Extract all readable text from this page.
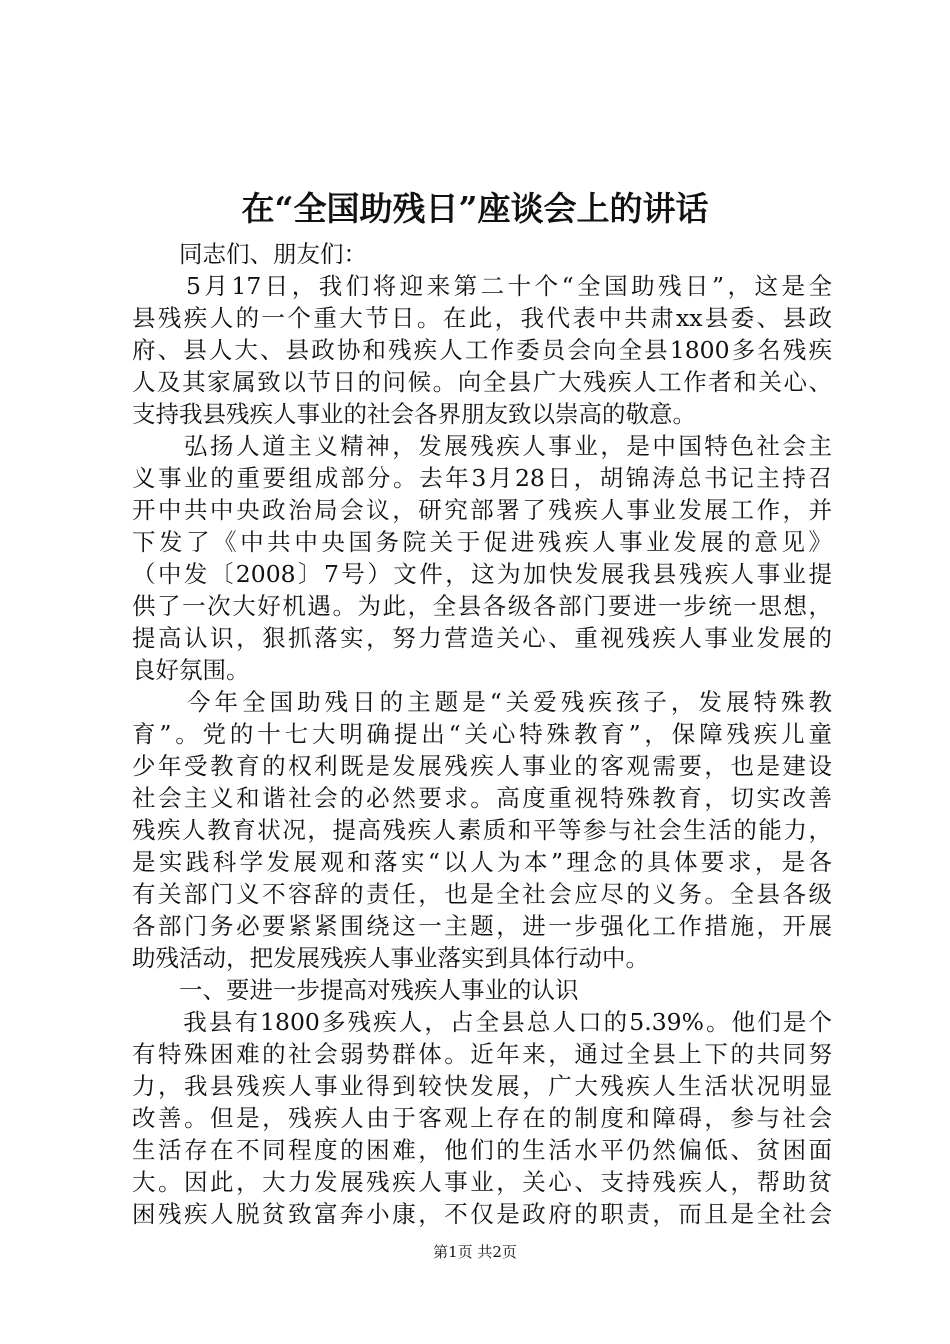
在“全国助残日”座谈会上的讲话
　　同志们、朋友们：
　　5月17日，我们将迎来第二十个“全国助残日”，这是全
县残疾人的一个重大节日。在此，我代表中共肃xx县委、县政
府、县人大、县政协和残疾人工作委员会向全县1800多名残疾
人及其家属致以节日的问候。向全县广大残疾人工作者和关心、
支持我县残疾人事业的社会各界朋友致以崇高的敬意。
　　弘扬人道主义精神，发展残疾人事业，是中国特色社会主
义事业的重要组成部分。去年3月28日，胡锦涛总书记主持召
开中共中央政治局会议，研究部署了残疾人事业发展工作，并
下发了《中共中央国务院关于促进残疾人事业发展的意见》
（中发〔2008〕7号）文件，这为加快发展我县残疾人事业提
供了一次大好机遇。为此，全县各级各部门要进一步统一思想，
提高认识，狠抓落实，努力营造关心、重视残疾人事业发展的
良好氛围。
　　今年全国助残日的主题是“关爱残疾孩子，发展特殊教
育”。党的十七大明确提出“关心特殊教育”，保障残疾儿童
少年受教育的权利既是发展残疾人事业的客观需要，也是建设
社会主义和谐社会的必然要求。高度重视特殊教育，切实改善
残疾人教育状况，提高残疾人素质和平等参与社会生活的能力，
是实践科学发展观和落实“以人为本”理念的具体要求，是各
有关部门义不容辞的责任，也是全社会应尽的义务。全县各级
各部门务必要紧紧围绕这一主题，进一步强化工作措施，开展
助残活动，把发展残疾人事业落实到具体行动中。
　　一、要进一步提高对残疾人事业的认识
　　我县有1800多残疾人，占全县总人口的5.39%。他们是个
有特殊困难的社会弱势群体。近年来，通过全县上下的共同努
力，我县残疾人事业得到较快发展，广大残疾人生活状况明显
改善。但是，残疾人由于客观上存在的制度和障碍，参与社会
生活存在不同程度的困难，他们的生活水平仍然偏低、贫困面
大。因此，大力发展残疾人事业，关心、支持残疾人，帮助贫
困残疾人脱贫致富奔小康，不仅是政府的职责，而且是全社会
第1页 共2页
